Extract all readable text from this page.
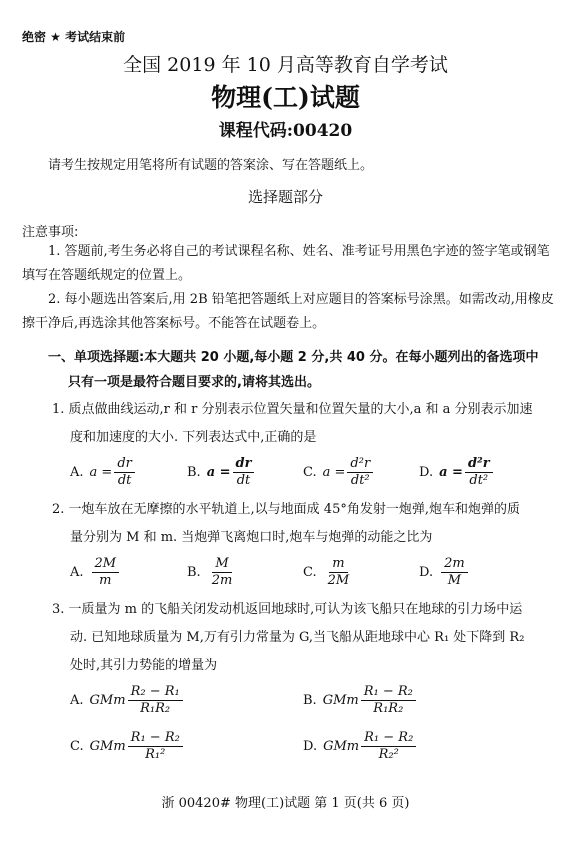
绝密 ★ 考试结束前
全国 2019 年 10 月高等教育自学考试
物理(工)试题
课程代码:00420
请考生按规定用笔将所有试题的答案涂、写在答题纸上。
选择题部分
注意事项:
1. 答题前,考生务必将自己的考试课程名称、姓名、准考证号用黑色字迹的签字笔或钢笔填写在答题纸规定的位置上。
2. 每小题选出答案后,用 2B 铅笔把答题纸上对应题目的答案标号涂黑。如需改动,用橡皮擦干净后,再选涂其他答案标号。不能答在试题卷上。
一、单项选择题:本大题共 20 小题,每小题 2 分,共 40 分。在每小题列出的备选项中
只有一项是最符合题目要求的,请将其选出。
1. 质点做曲线运动,r 和 r 分别表示位置矢量和位置矢量的大小,a 和 a 分别表示加速
度和加速度的大小. 下列表达式中,正确的是
A. $a = \frac{dr}{dt}$	B. $a = \frac{dr}{dt}$	C. $a = \frac{\text{d²r}}{\text{dt²}}$	D. $a = \frac{\text{d²r}}{\text{dt²}}$
2. 一炮车放在无摩擦的水平轨道上,以与地面成 45°角发射一炮弹,炮车和炮弹的质
量分别为 M 和 m. 当炮弹飞离炮口时,炮车与炮弹的动能之比为
A. $\frac{2M}{m}$	B. $\frac{M}{2m}$	C. $\frac{m}{2M}$	D. $\frac{2m}{M}$
3. 一质量为 m 的飞船关闭发动机返回地球时,可认为该飞船只在地球的引力场中运
动. 已知地球质量为 M,万有引力常量为 G,当飞船从距地球中心 R₁ 处下降到 R₂
处时,其引力势能的增量为
A. GMm $\frac{\text{R₂ − R₁}}{\text{R₁R₂}}$	B. GMm $\frac{\text{R₁ − R₂}}{\text{R₁R₂}}$
C. GMm $\frac{\text{R₁ − R₂}}{\text{R₁²}}$	D. GMm $\frac{\text{R₁ − R₂}}{\text{R₂²}}$
浙 00420# 物理(工)试题 第 1 页(共 6 页)
